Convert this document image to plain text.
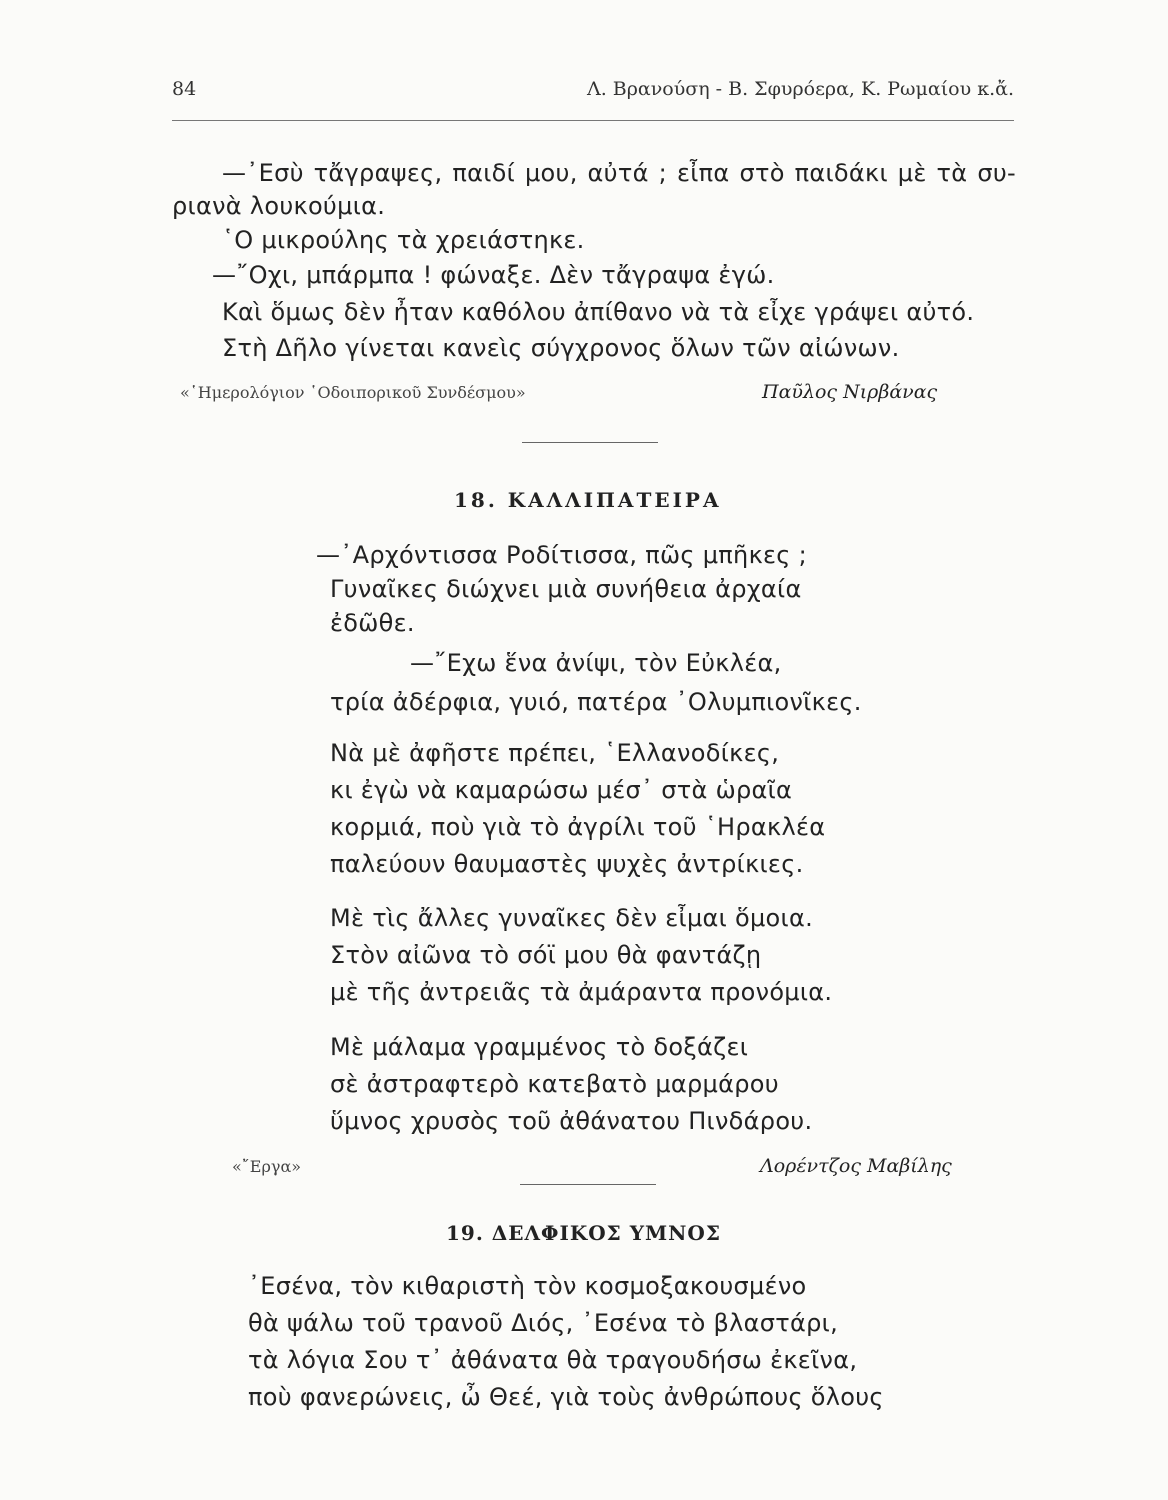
84	Λ. Βρανούση - Β. Σφυρόερα, Κ. Ρωμαίου κ.ἄ.
—᾿Εσὺ τἄγραψες, παιδί μου, αὐτά ; εἶπα στὸ παιδάκι μὲ τὰ συ-
ριανὰ λουκούμια.
῾Ο μικρούλης τὰ χρειάστηκε.
—῎Οχι, μπάρμπα ! φώναξε. Δὲν τἄγραψα ἐγώ.
Καὶ ὅμως δὲν ἦταν καθόλου ἀπίθανο νὰ τὰ εἶχε γράψει αὐτό.
Στὴ Δῆλο γίνεται κανεὶς σύγχρονος ὅλων τῶν αἰώνων.
«῾Ημερολόγιον ῾Οδοιπορικοῦ Συνδέσμου»	Παῦλος Νιρβάνας
18. ΚΑΛΛΙΠΑΤΕΙΡΑ
—᾿Αρχόντισσα Ροδίτισσα, πῶς μπῆκες ;
Γυναῖκες διώχνει μιὰ συνήθεια ἀρχαία
ἐδῶθε.
—῎Εχω ἕνα ἀνίψι, τὸν Εὐκλέα,
τρία ἀδέρφια, γυιό, πατέρα ᾿Ολυμπιονῖκες.
Νὰ μὲ ἀφῆστε πρέπει, ῾Ελλανοδίκες,
κι ἐγὼ νὰ καμαρώσω μέσ᾿ στὰ ὡραῖα
κορμιά, ποὺ γιὰ τὸ ἀγρίλι τοῦ ῾Ηρακλέα
παλεύουν θαυμαστὲς ψυχὲς ἀντρίκιες.
Μὲ τὶς ἄλλες γυναῖκες δὲν εἶμαι ὅμοια.
Στὸν αἰῶνα τὸ σόϊ μου θὰ φαντάζῃ
μὲ τῆς ἀντρειᾶς τὰ ἀμάραντα προνόμια.
Μὲ μάλαμα γραμμένος τὸ δοξάζει
σὲ ἀστραφτερὸ κατεβατὸ μαρμάρου
ὕμνος χρυσὸς τοῦ ἀθάνατου Πινδάρου.
«῎Εργα»	Λορέντζος Μαβίλης
19. ΔΕΛΦΙΚΟΣ ΥΜΝΟΣ
᾿Εσένα, τὸν κιθαριστὴ τὸν κοσμοξακουσμένο
θὰ ψάλω τοῦ τρανοῦ Διός, ᾿Εσένα τὸ βλαστάρι,
τὰ λόγια Σου τ᾿ ἀθάνατα θὰ τραγουδήσω ἐκεῖνα,
ποὺ φανερώνεις, ὦ Θεέ, γιὰ τοὺς ἀνθρώπους ὅλους
